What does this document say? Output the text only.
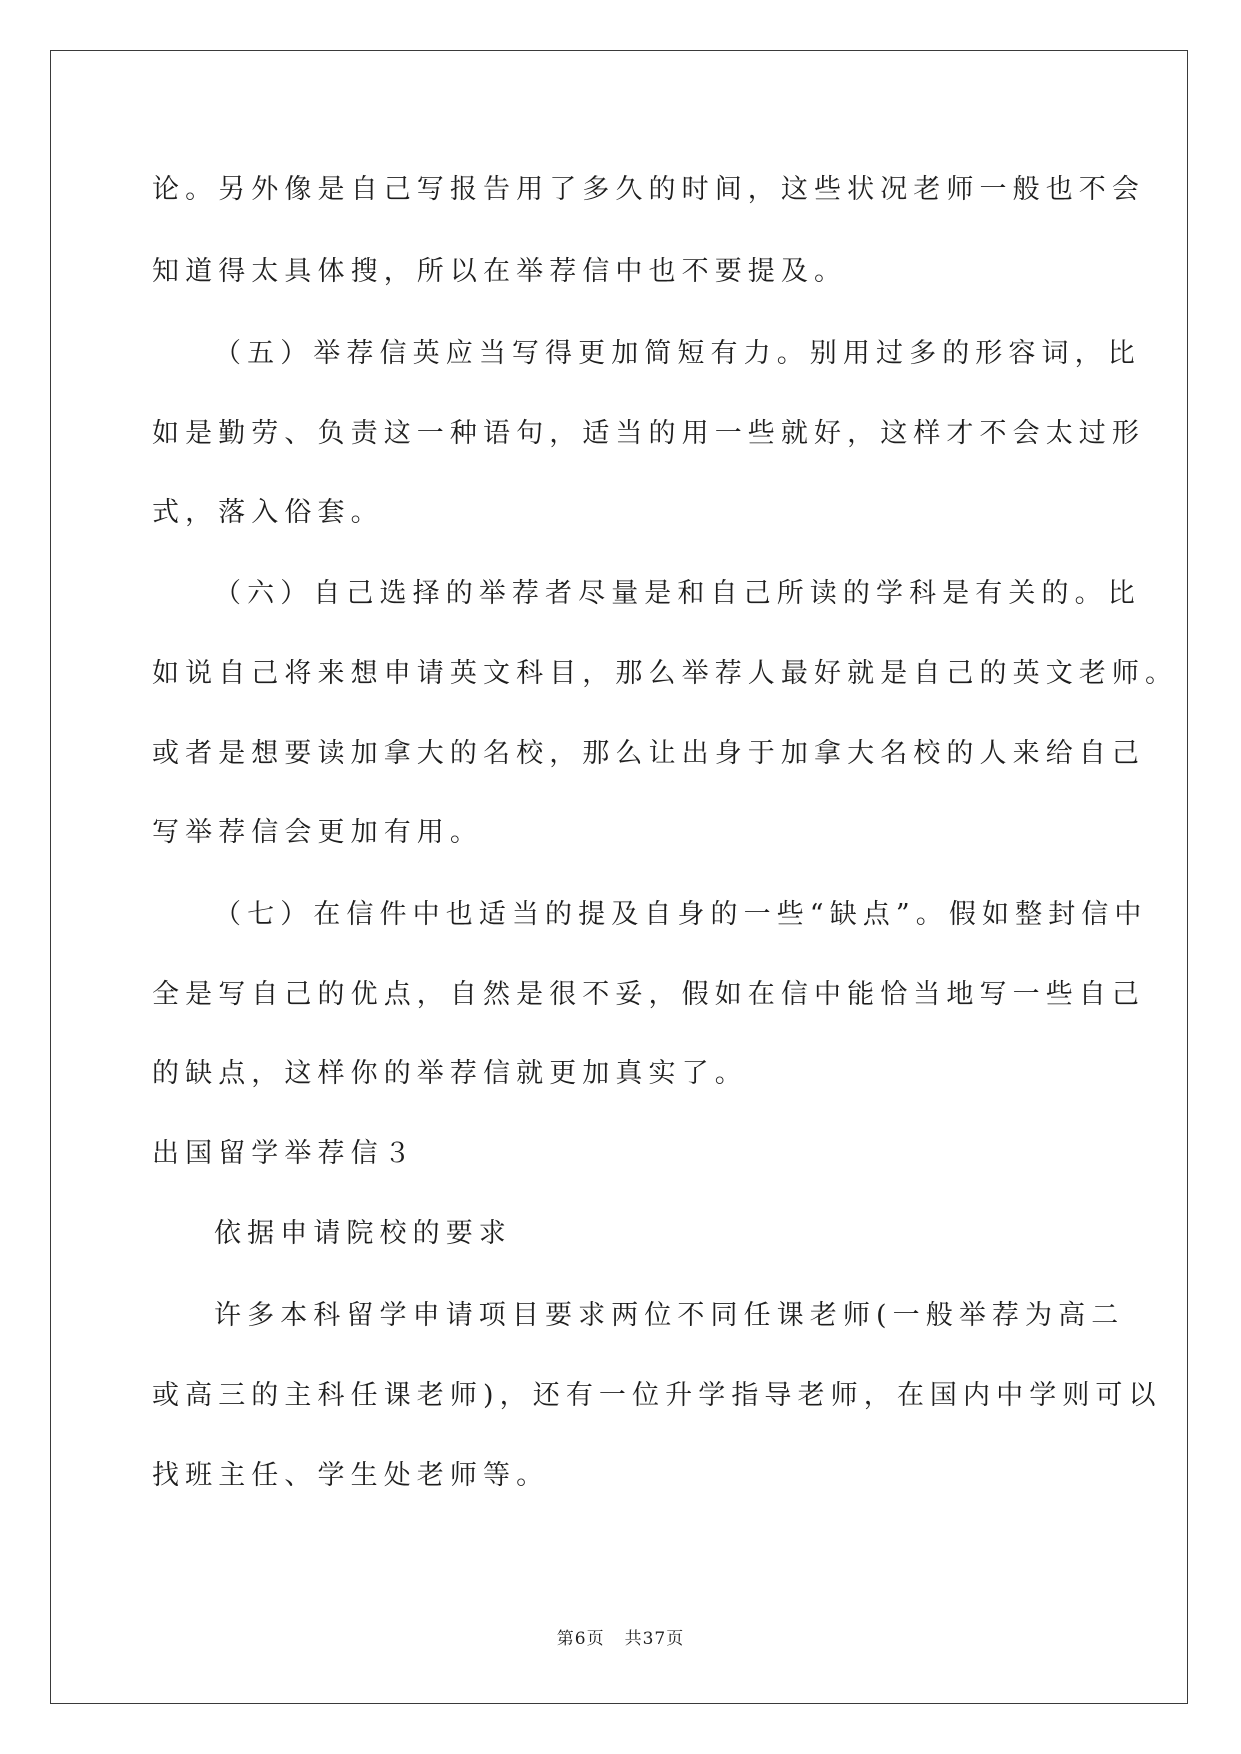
论。另外像是自己写报告用了多久的时间，这些状况老师一般也不会

知道得太具体搜，所以在举荐信中也不要提及。

（五）举荐信英应当写得更加简短有力。别用过多的形容词，比

如是勤劳、负责这一种语句，适当的用一些就好，这样才不会太过形

式，落入俗套。

（六）自己选择的举荐者尽量是和自己所读的学科是有关的。比

如说自己将来想申请英文科目，那么举荐人最好就是自己的英文老师。

或者是想要读加拿大的名校，那么让出身于加拿大名校的人来给自己

写举荐信会更加有用。

（七）在信件中也适当的提及自身的一些“缺点”。假如整封信中

全是写自己的优点，自然是很不妥，假如在信中能恰当地写一些自己

的缺点，这样你的举荐信就更加真实了。

出国留学举荐信３

依据申请院校的要求

许多本科留学申请项目要求两位不同任课老师(一般举荐为高二

或高三的主科任课老师)，还有一位升学指导老师，在国内中学则可以

找班主任、学生处老师等。

第6页 共37页
